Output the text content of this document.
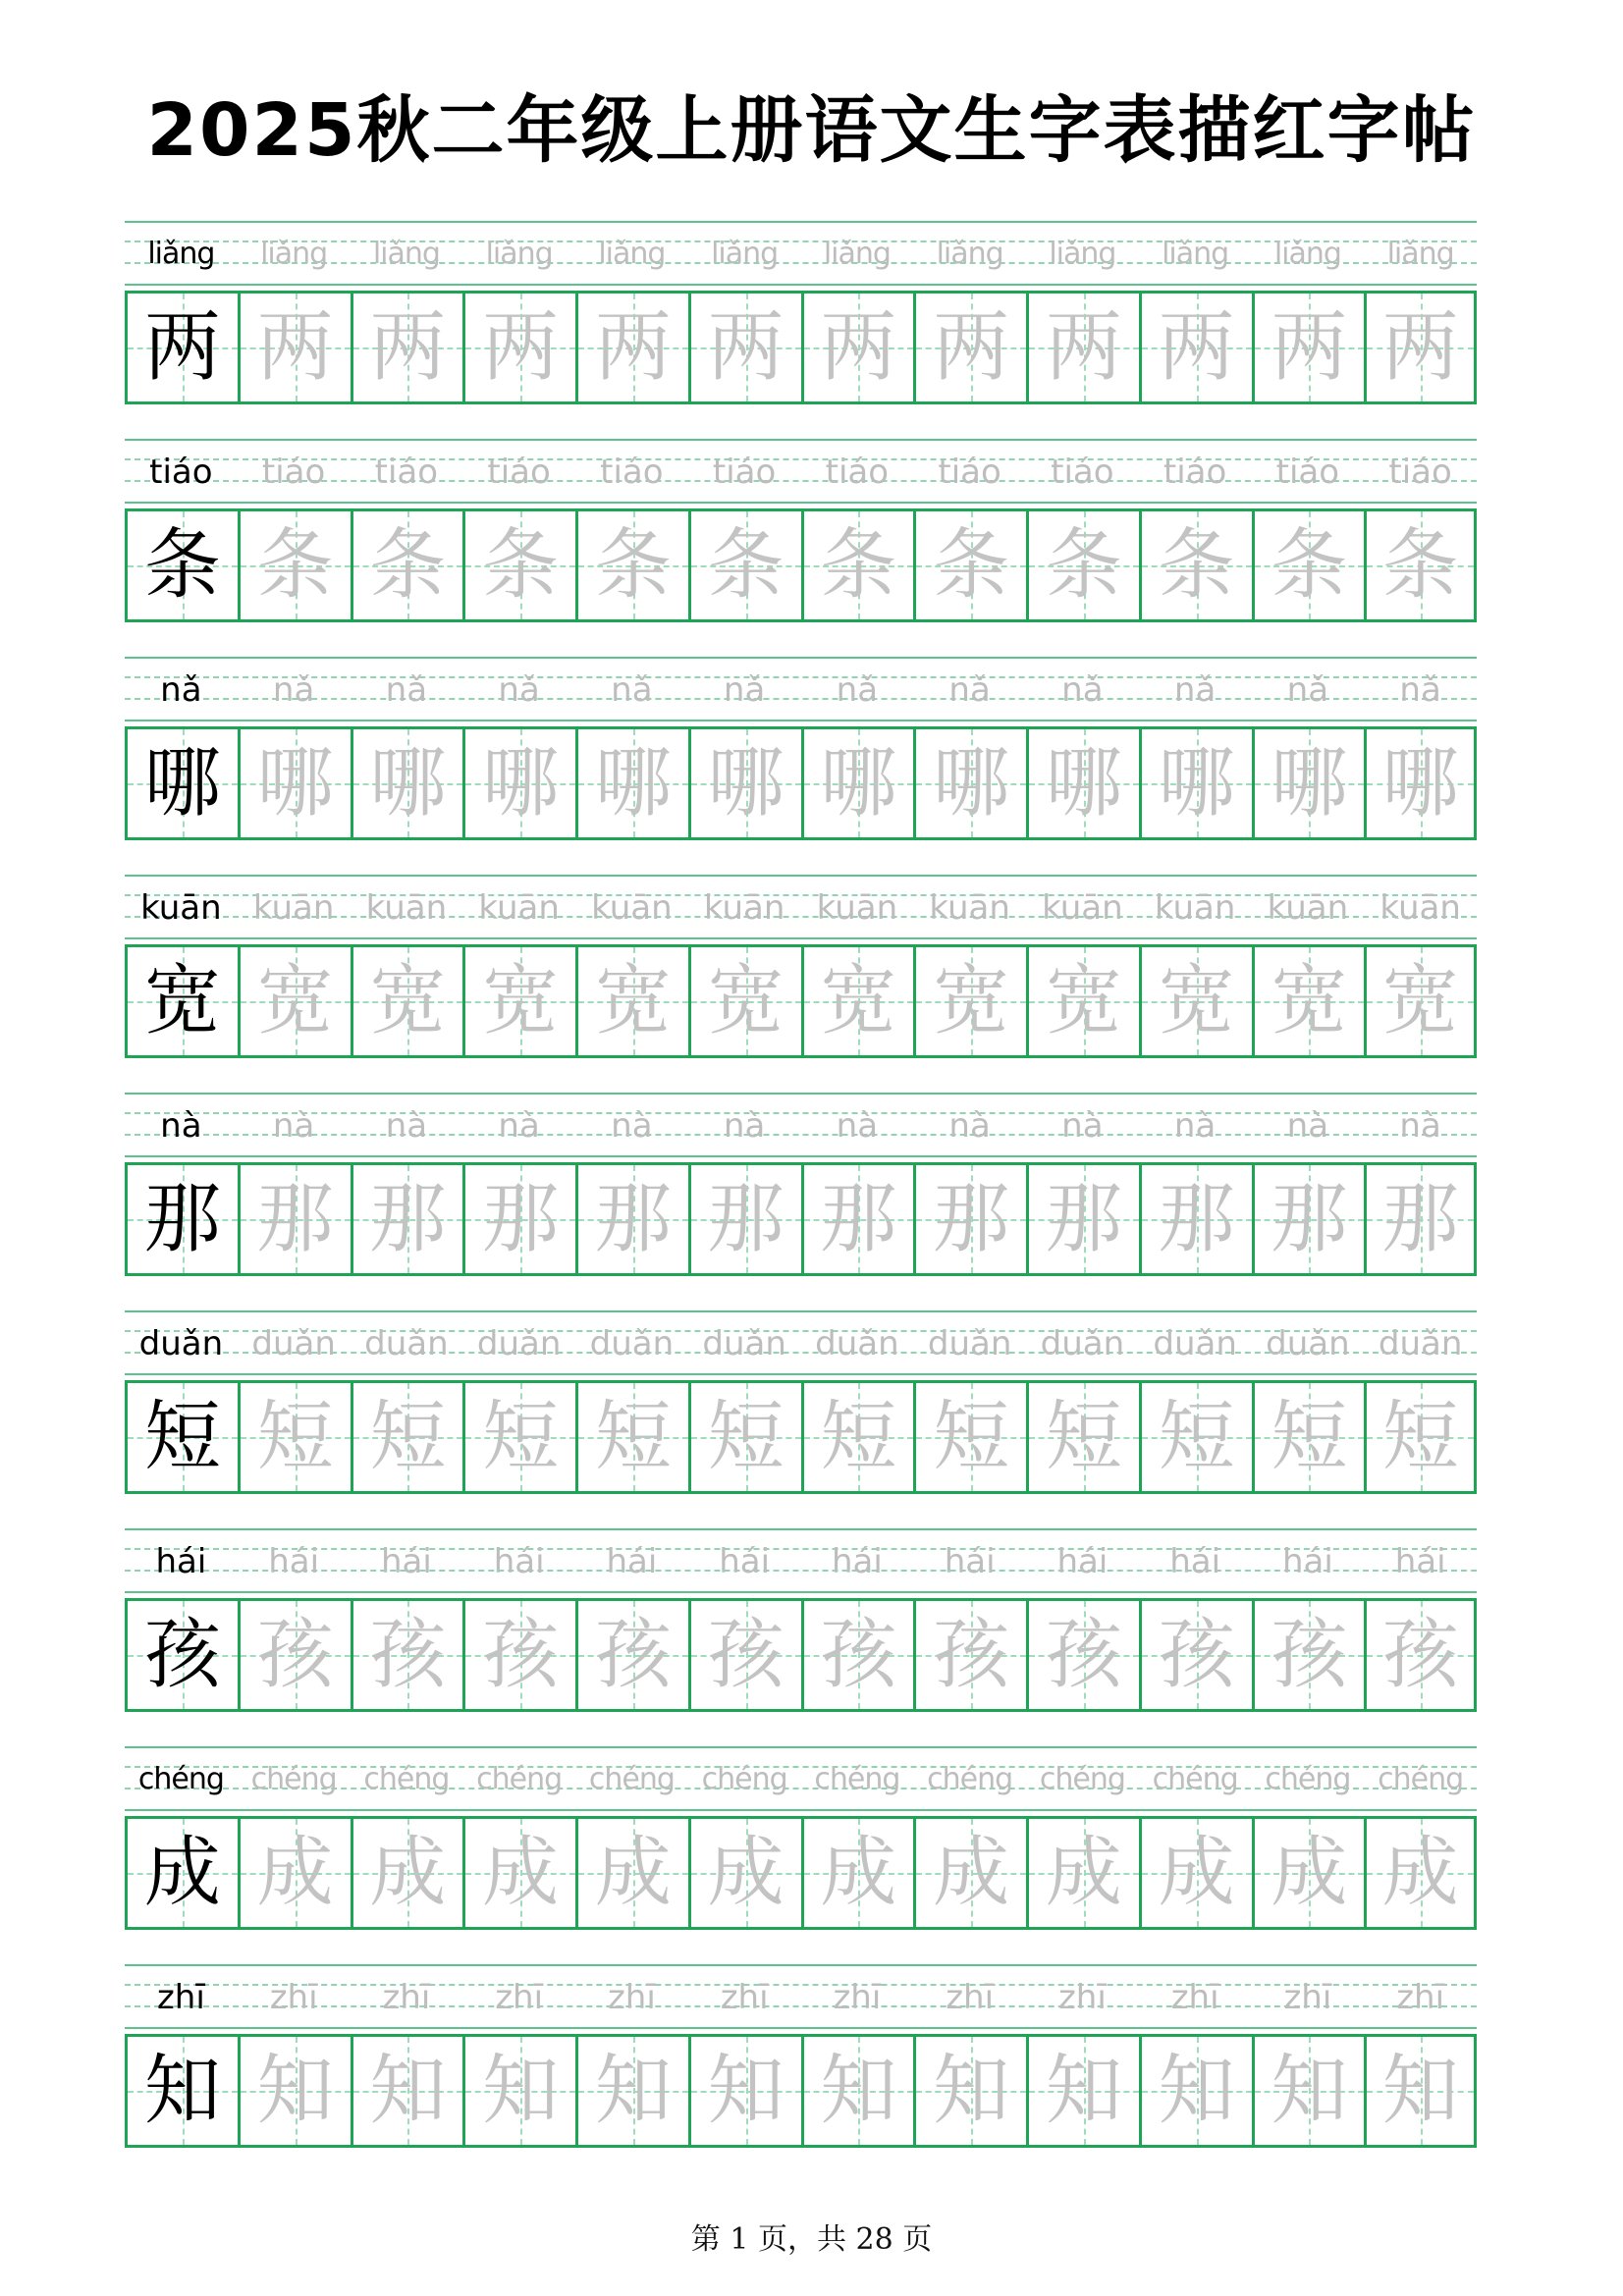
2025秋二年级上册语文生字表描红字帖
liǎng	liǎng	liǎng	liǎng	liǎng	liǎng	liǎng	liǎng	liǎng	liǎng	liǎng	liǎng
两 两 两 两 两 两 两 两 两 两 两 两
tiáo	tiáo	tiáo	tiáo	tiáo	tiáo	tiáo	tiáo	tiáo	tiáo	tiáo	tiáo
条 条 条 条 条 条 条 条 条 条 条 条
nǎ	nǎ	nǎ	nǎ	nǎ	nǎ	nǎ	nǎ	nǎ	nǎ	nǎ	nǎ
哪 哪 哪 哪 哪 哪 哪 哪 哪 哪 哪 哪
kuān kuān kuān kuān kuān kuān kuān kuān kuān kuān kuān kuān
宽 宽 宽 宽 宽 宽 宽 宽 宽 宽 宽 宽
nà	nà	nà	nà	nà	nà	nà	nà	nà	nà	nà	nà
那 那 那 那 那 那 那 那 那 那 那 那
duǎn duǎn duǎn duǎn duǎn duǎn duǎn duǎn duǎn duǎn duǎn duǎn
短 短 短 短 短 短 短 短 短 短 短 短
hái	hái	hái	hái	hái	hái	hái	hái	hái	hái	hái	hái
孩 孩 孩 孩 孩 孩 孩 孩 孩 孩 孩 孩
chéng chéng chéng chéng chéng chéng chéng chéng chéng chéng chéng chéng
成 成 成 成 成 成 成 成 成 成 成 成
zhī	zhī	zhī	zhī	zhī	zhī	zhī	zhī	zhī	zhī	zhī	zhī
知 知 知 知 知 知 知 知 知 知 知 知
第 1 页，共 28 页
